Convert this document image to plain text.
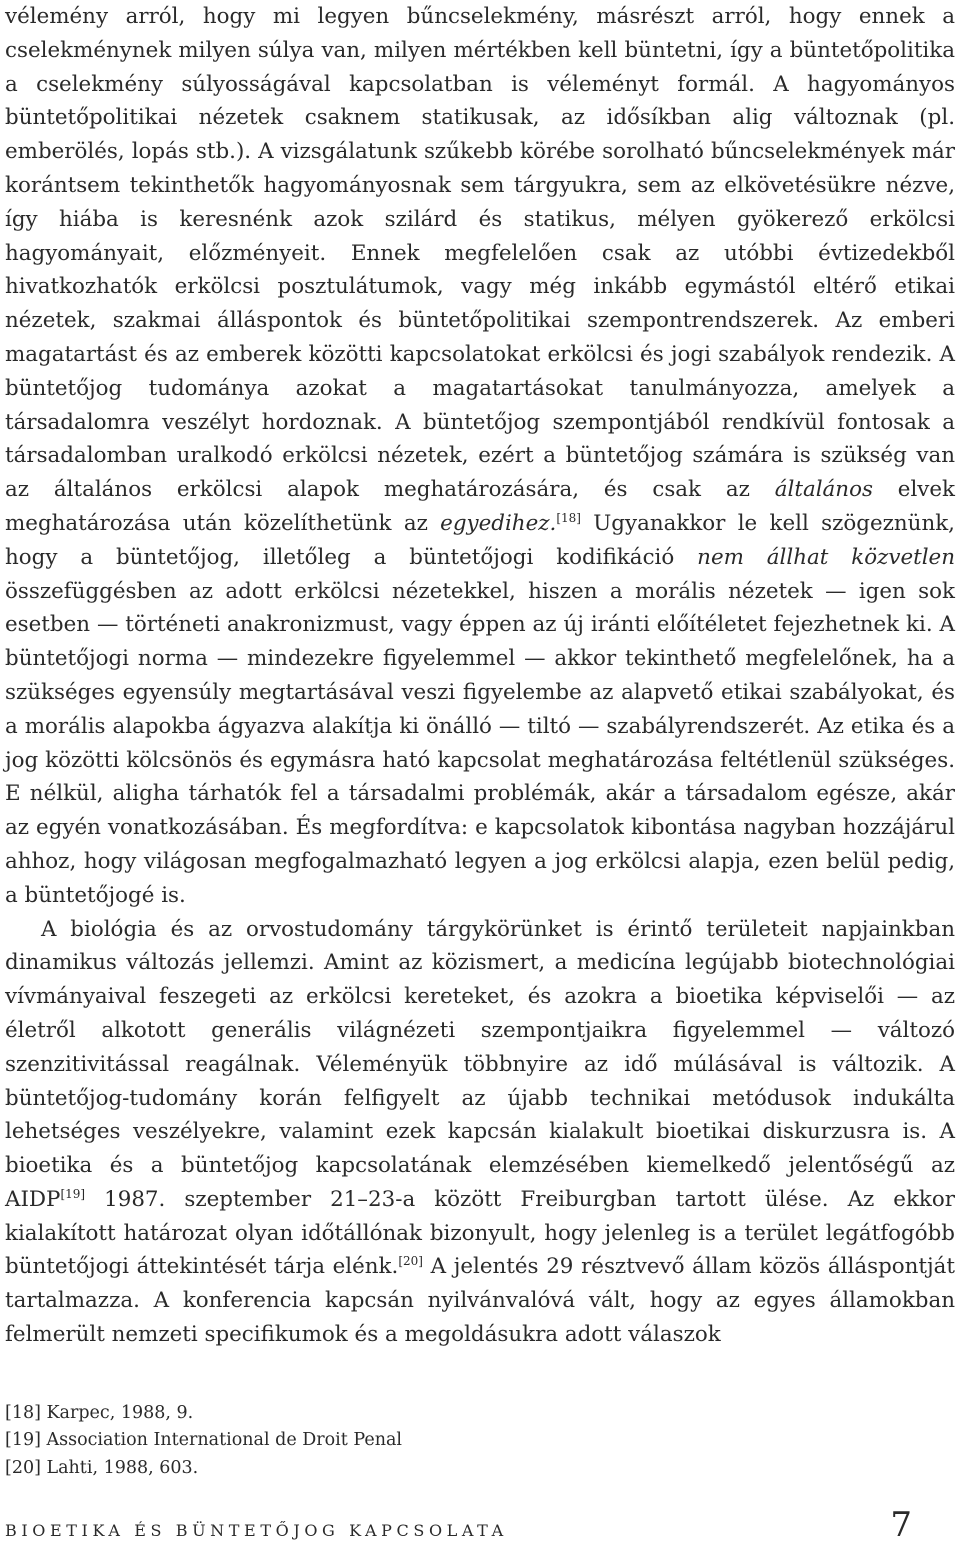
vélemény arról, hogy mi legyen bűncselekmény, másrészt arról, hogy ennek a cselekménynek milyen súlya van, milyen mértékben kell büntetni, így a büntetőpolitika a cselekmény súlyosságával kapcsolatban is véleményt formál. A hagyományos büntetőpolitikai nézetek csaknem statikusak, az idősíkban alig változnak (pl. emberölés, lopás stb.). A vizsgálatunk szűkebb körébe sorolható bűncselekmények már korántsem tekinthetők hagyományosnak sem tárgyukra, sem az elkövetésükre nézve, így hiába is keresnénk azok szilárd és statikus, mélyen gyökerező erkölcsi hagyományait, előzményeit. Ennek megfelelően csak az utóbbi évtizedekből hivatkozhatók erkölcsi posztulátumok, vagy még inkább egymástól eltérő etikai nézetek, szakmai álláspontok és büntetőpolitikai szempontrendszerek. Az emberi magatartást és az emberek közötti kapcsolatokat erkölcsi és jogi szabályok rendezik. A büntetőjog tudománya azokat a magatartásokat tanulmányozza, amelyek a társadalomra veszélyt hordoznak. A büntetőjog szempontjából rendkívül fontosak a társadalomban uralkodó erkölcsi nézetek, ezért a büntetőjog számára is szükség van az általános erkölcsi alapok meghatározására, és csak az általános elvek meghatározása után közelíthetünk az egyedihez.[18] Ugyanakkor le kell szögeznünk, hogy a büntetőjog, illetőleg a büntetőjogi kodifikáció nem állhat közvetlen összefüggésben az adott erkölcsi nézetekkel, hiszen a morális nézetek — igen sok esetben — történeti anakronizmust, vagy éppen az új iránti előítéletet fejezhetnek ki. A büntetőjogi norma — mindezekre figyelemmel — akkor tekinthető megfelelőnek, ha a szükséges egyensúly megtartásával veszi figyelembe az alapvető etikai szabályokat, és a morális alapokba ágyazva alakítja ki önálló — tiltó — szabályrendszerét. Az etika és a jog közötti kölcsönös és egymásra ható kapcsolat meghatározása feltétlenül szükséges. E nélkül, aligha tárhatók fel a társadalmi problémák, akár a társadalom egésze, akár az egyén vonatkozásában. És megfordítva: e kapcsolatok kibontása nagyban hozzájárul ahhoz, hogy világosan megfogalmazható legyen a jog erkölcsi alapja, ezen belül pedig, a büntetőjogé is.

A biológia és az orvostudomány tárgykörünket is érintő területeit napjainkban dinamikus változás jellemzi. Amint az közismert, a medicína legújabb biotechnológiai vívmányaival feszegeti az erkölcsi kereteket, és azokra a bioetika képviselői — az életről alkotott generális világnézeti szempontjaikra figyelemmel — változó szenzitivitással reagálnak. Véleményük többnyire az idő múlásával is változik. A büntetőjog-tudomány korán felfigyelt az újabb technikai metódusok indukálta lehetséges veszélyekre, valamint ezek kapcsán kialakult bioetikai diskurzusra is. A bioetika és a büntetőjog kapcsolatának elemzésében kiemelkedő jelentőségű az AIDP[19] 1987. szeptember 21–23-a között Freiburgban tartott ülése. Az ekkor kialakított határozat olyan időtállónak bizonyult, hogy jelenleg is a terület legátfogóbb büntetőjogi áttekintését tárja elénk.[20] A jelentés 29 résztvevő állam közös álláspontját tartalmazza. A konferencia kapcsán nyilvánvalóvá vált, hogy az egyes államokban felmerült nemzeti specifikumok és a megoldásukra adott válaszok

[18] Karpec, 1988, 9.
[19] Association International de Droit Penal
[20] Lahti, 1988, 603.
BIOETIKA ÉS BÜNTETŐJOG KAPCSOLATA	7
